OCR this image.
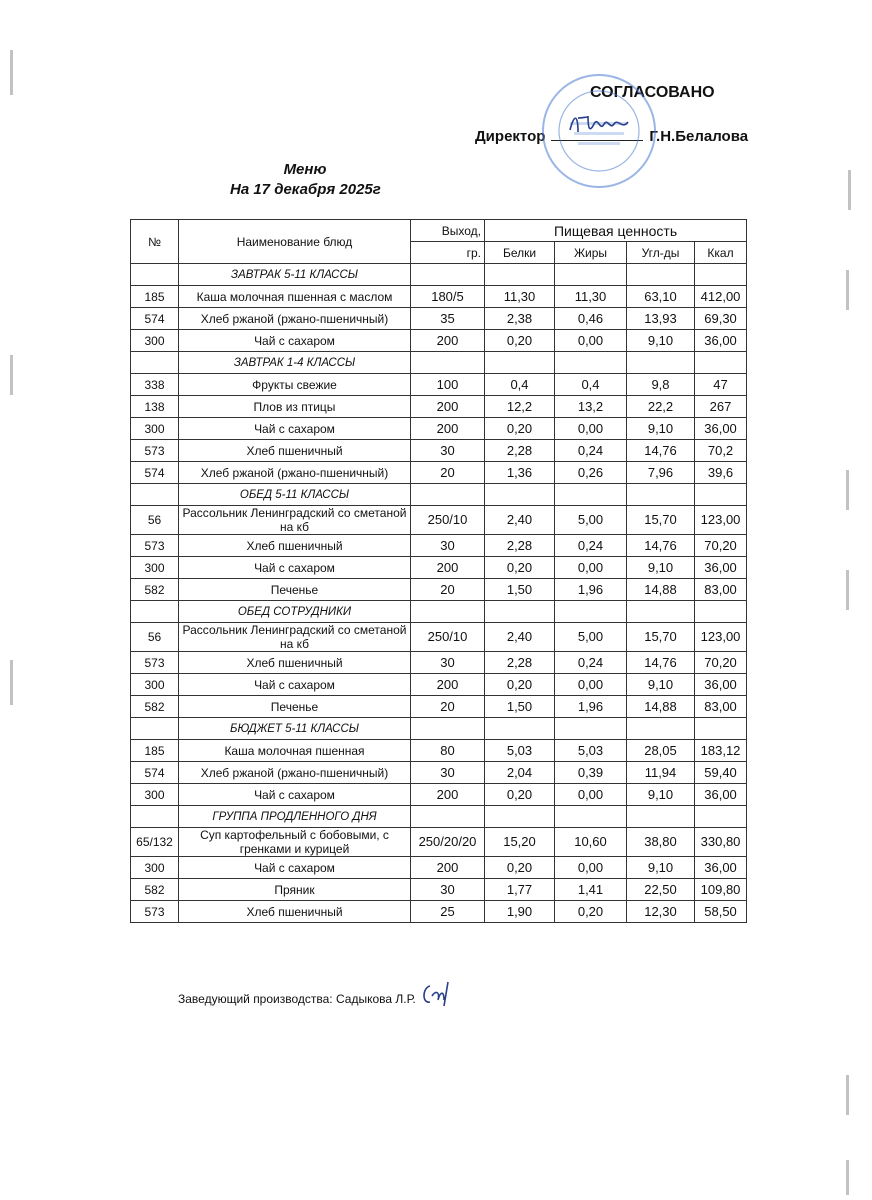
СОГЛАСОВАНО
Директор	Г.Н.Белалова
Меню
На 17 декабря 2025г
№	Наименование блюд	Выход,	Пищевая ценность			
		гр.	Белки	Жиры	Угл-ды	Ккал
	ЗАВТРАК 5-11 КЛАССЫ					
185	Каша молочная пшенная с маслом	180/5	11,30	11,30	63,10	412,00
574	Хлеб ржаной (ржано-пшеничный)	35	2,38	0,46	13,93	69,30
300	Чай с сахаром	200	0,20	0,00	9,10	36,00
	ЗАВТРАК 1-4 КЛАССЫ					
338	Фрукты свежие	100	0,4	0,4	9,8	47
138	Плов из птицы	200	12,2	13,2	22,2	267
300	Чай с сахаром	200	0,20	0,00	9,10	36,00
573	Хлеб пшеничный	30	2,28	0,24	14,76	70,2
574	Хлеб ржаной (ржано-пшеничный)	20	1,36	0,26	7,96	39,6
	ОБЕД 5-11 КЛАССЫ					
56	Рассольник Ленинградский со сметаной на кб	250/10	2,40	5,00	15,70	123,00
573	Хлеб пшеничный	30	2,28	0,24	14,76	70,20
300	Чай с сахаром	200	0,20	0,00	9,10	36,00
582	Печенье	20	1,50	1,96	14,88	83,00
	ОБЕД СОТРУДНИКИ					
56	Рассольник Ленинградский со сметаной на кб	250/10	2,40	5,00	15,70	123,00
573	Хлеб пшеничный	30	2,28	0,24	14,76	70,20
300	Чай с сахаром	200	0,20	0,00	9,10	36,00
582	Печенье	20	1,50	1,96	14,88	83,00
	БЮДЖЕТ 5-11 КЛАССЫ					
185	Каша молочная пшенная	80	5,03	5,03	28,05	183,12
574	Хлеб ржаной (ржано-пшеничный)	30	2,04	0,39	11,94	59,40
300	Чай с сахаром	200	0,20	0,00	9,10	36,00
	ГРУППА ПРОДЛЕННОГО ДНЯ					
65/132	Суп картофельный с бобовыми, с гренками и курицей	250/20/20	15,20	10,60	38,80	330,80
300	Чай с сахаром	200	0,20	0,00	9,10	36,00
582	Пряник	30	1,77	1,41	22,50	109,80
573	Хлеб пшеничный	25	1,90	0,20	12,30	58,50
Заведующий производства: Садыкова Л.Р.
